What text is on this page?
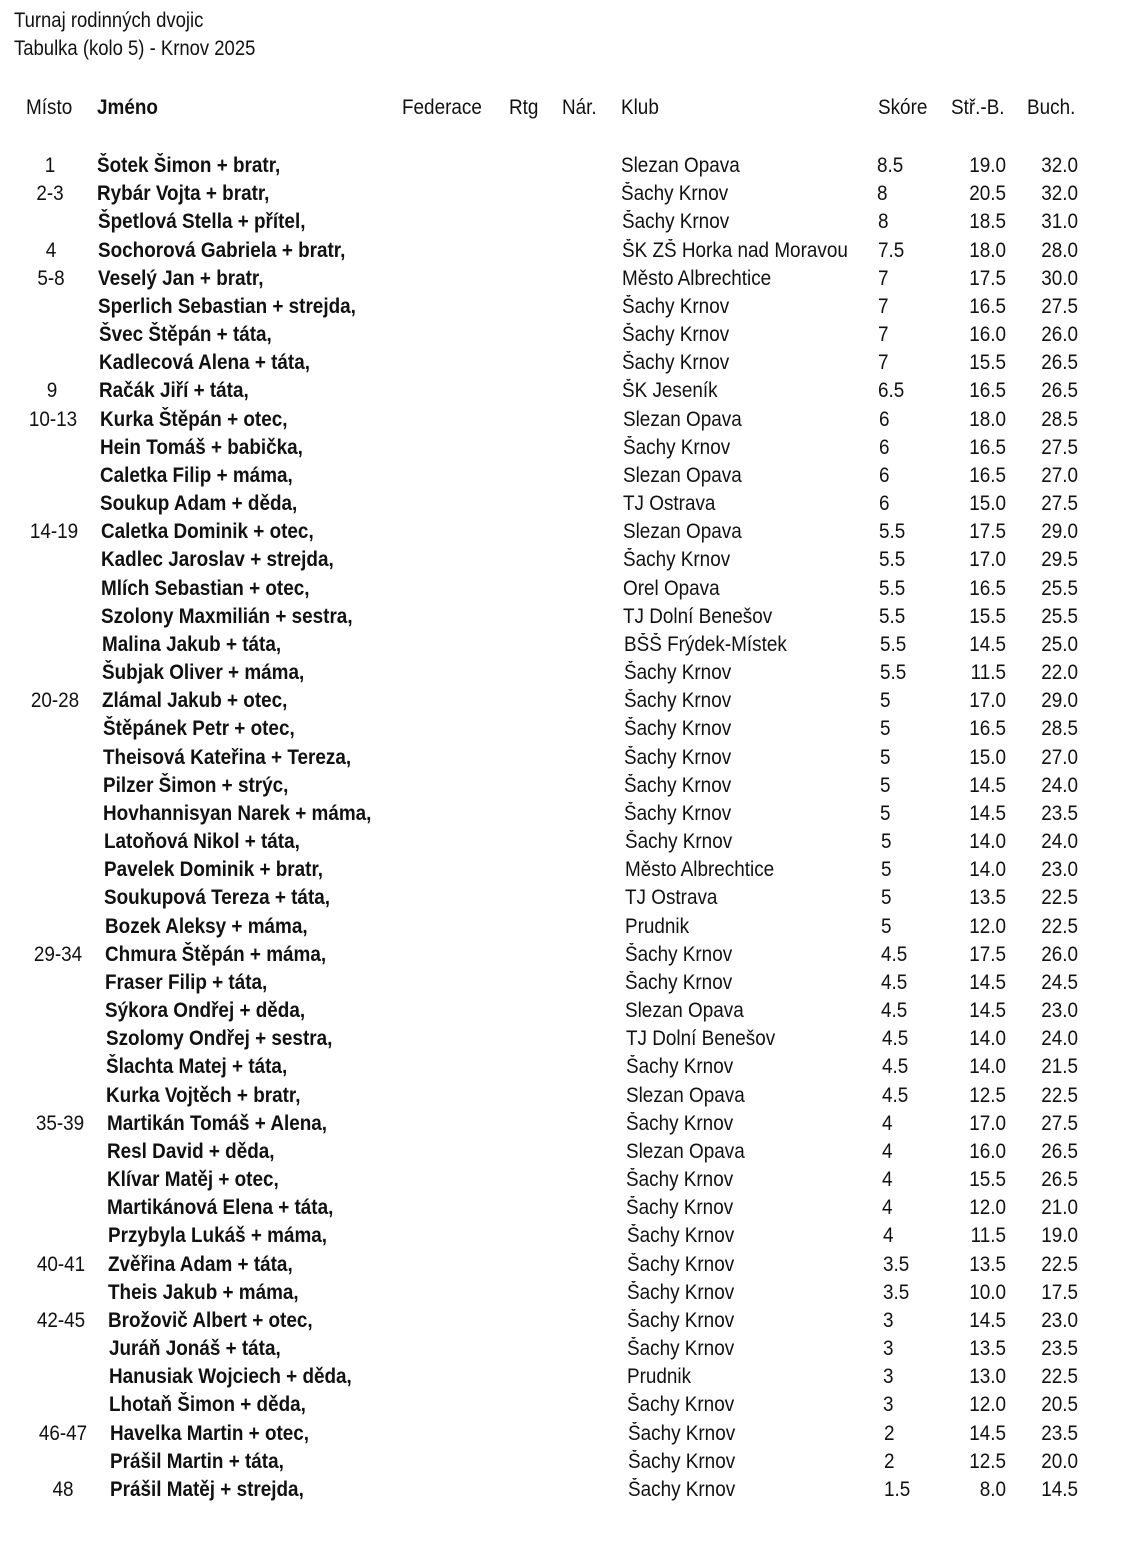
Turnaj rodinných dvojic
Tabulka (kolo 5) - Krnov 2025
Místo Jméno	Federace Rtg Nár. Klub	Skóre Stř.-B. Buch.
1	Šotek Šimon + bratr,	Slezan Opava	8.5	19.0	32.0
2-3	Rybár Vojta + bratr,	Šachy Krnov	8	20.5	32.0
Špetlová Stella + přítel,	Šachy Krnov	8	18.5	31.0
4	Sochorová Gabriela + bratr,	ŠK ZŠ Horka nad Moravou 7.5	18.0	28.0
5-8	Veselý Jan + bratr,	Město Albrechtice	7	17.5	30.0
Sperlich Sebastian + strejda,	Šachy Krnov	7	16.5	27.5
Švec Štěpán + táta,	Šachy Krnov	7	16.0	26.0
Kadlecová Alena + táta,	Šachy Krnov	7	15.5	26.5
9	Račák Jiří + táta,	ŠK Jeseník	6.5	16.5	26.5
10-13	Kurka Štěpán + otec,	Slezan Opava	6	18.0	28.5
Hein Tomáš + babička,	Šachy Krnov	6	16.5	27.5
Caletka Filip + máma,	Slezan Opava	6	16.5	27.0
Soukup Adam + děda,	TJ Ostrava	6	15.0	27.5
14-19	Caletka Dominik + otec,	Slezan Opava	5.5	17.5	29.0
Kadlec Jaroslav + strejda,	Šachy Krnov	5.5	17.0	29.5
Mlích Sebastian + otec,	Orel Opava	5.5	16.5	25.5
Szolony Maxmilián + sestra,	TJ Dolní Benešov	5.5	15.5	25.5
Malina Jakub + táta,	BŠŠ Frýdek-Místek	5.5	14.5	25.0
Šubjak Oliver + máma,	Šachy Krnov	5.5	11.5	22.0
20-28	Zlámal Jakub + otec,	Šachy Krnov	5	17.0	29.0
Štěpánek Petr + otec,	Šachy Krnov	5	16.5	28.5
Theisová Kateřina + Tereza,	Šachy Krnov	5	15.0	27.0
Pilzer Šimon + strýc,	Šachy Krnov	5	14.5	24.0
Hovhannisyan Narek + máma,	Šachy Krnov	5	14.5	23.5
Latoňová Nikol + táta,	Šachy Krnov	5	14.0	24.0
Pavelek Dominik + bratr,	Město Albrechtice	5	14.0	23.0
Soukupová Tereza + táta,	TJ Ostrava	5	13.5	22.5
Bozek Aleksy + máma,	Prudnik	5	12.0	22.5
29-34	Chmura Štěpán + máma,	Šachy Krnov	4.5	17.5	26.0
Fraser Filip + táta,	Šachy Krnov	4.5	14.5	24.5
Sýkora Ondřej + děda,	Slezan Opava	4.5	14.5	23.0
Szolomy Ondřej + sestra,	TJ Dolní Benešov	4.5	14.0	24.0
Šlachta Matej + táta,	Šachy Krnov	4.5	14.0	21.5
Kurka Vojtěch + bratr,	Slezan Opava	4.5	12.5	22.5
35-39	Martikán Tomáš + Alena,	Šachy Krnov	4	17.0	27.5
Resl David + děda,	Slezan Opava	4	16.0	26.5
Klívar Matěj + otec,	Šachy Krnov	4	15.5	26.5
Martikánová Elena + táta,	Šachy Krnov	4	12.0	21.0
Przybyla Lukáš + máma,	Šachy Krnov	4	11.5	19.0
40-41	Zvěřina Adam + táta,	Šachy Krnov	3.5	13.5	22.5
Theis Jakub + máma,	Šachy Krnov	3.5	10.0	17.5
42-45	Brožovič Albert + otec,	Šachy Krnov	3	14.5	23.0
Juráň Jonáš + táta,	Šachy Krnov	3	13.5	23.5
Hanusiak Wojciech + děda,	Prudnik	3	13.0	22.5
Lhotaň Šimon + děda,	Šachy Krnov	3	12.0	20.5
46-47	Havelka Martin + otec,	Šachy Krnov	2	14.5	23.5
Prášil Martin + táta,	Šachy Krnov	2	12.5	20.0
48	Prášil Matěj + strejda,	Šachy Krnov	1.5	8.0	14.5
